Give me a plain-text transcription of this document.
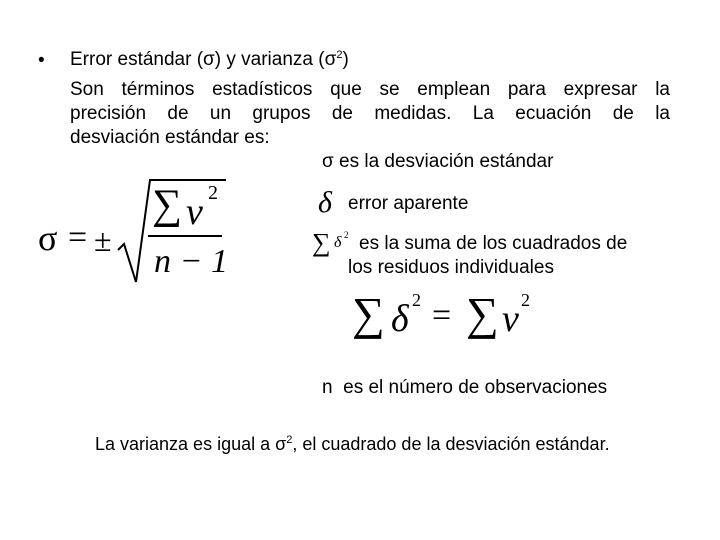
• Error estándar (σ) y varianza $(\sigma^2)$
Son términos estadísticos que se emplean para expresar la
precisión de un grupos de medidas. La ecuación de la
desviación estándar es:
σ = ±
∑ ν 2
n − 1
σ es la desviación estándar
δ error aparente
∑ δ 2 es la suma de los cuadrados de
los residuos individuales
∑ δ 2 = ∑ ν 2
n  es el número de observaciones
La varianza es igual a $\sigma^2$, el cuadrado de la desviación estándar.
